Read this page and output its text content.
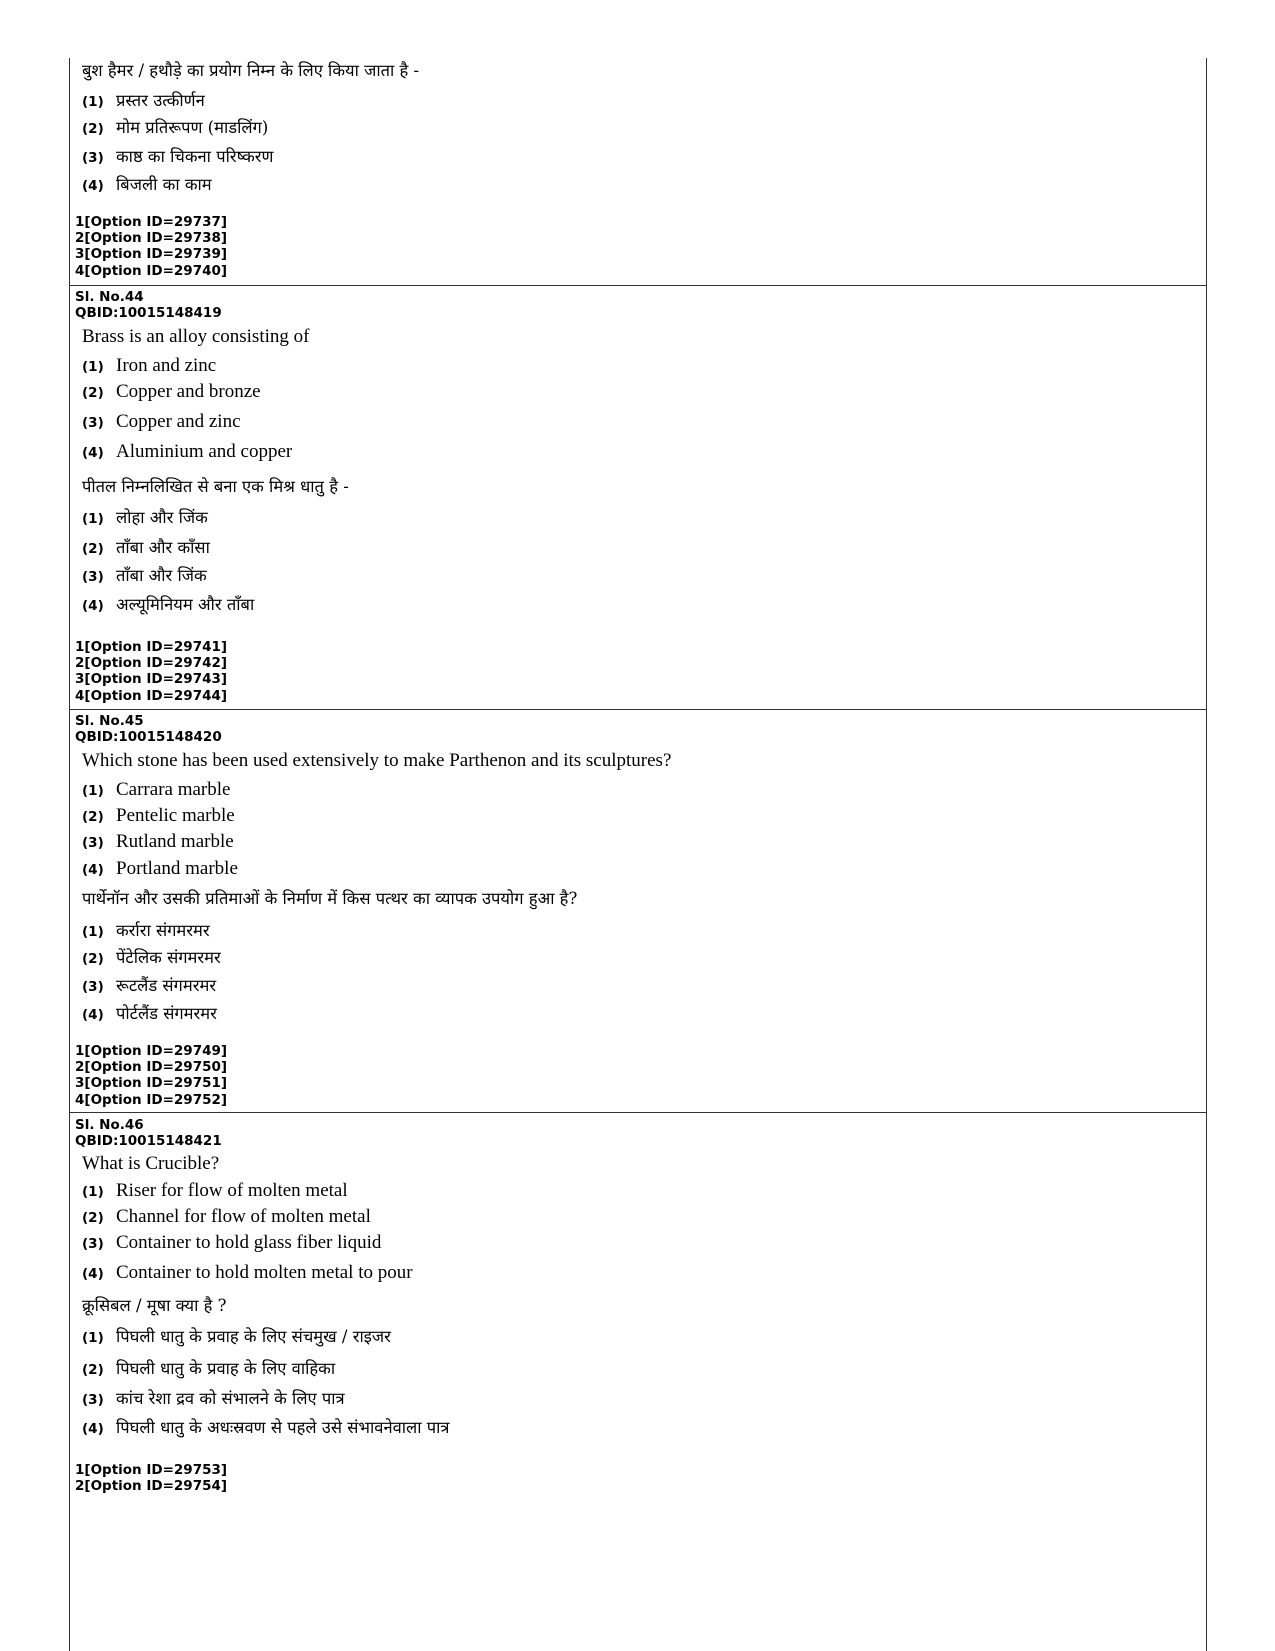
बुश हैमर / हथौड़े का प्रयोग निम्न के लिए किया जाता है -
(1) प्रस्तर उत्कीर्णन
(2) मोम प्रतिरूपण (माडलिंग)
(3) काष्ठ का चिकना परिष्करण
(4) बिजली का काम
1[Option ID=29737]
2[Option ID=29738]
3[Option ID=29739]
4[Option ID=29740]
Sl. No.44
QBID:10015148419
Brass is an alloy consisting of
(1) Iron and zinc
(2) Copper and bronze
(3) Copper and zinc
(4) Aluminium and copper
पीतल निम्नलिखित से बना एक मिश्र धातु है -
(1) लोहा और जिंक
(2) ताँबा और काँसा
(3) ताँबा और जिंक
(4) अल्यूमिनियम और ताँबा
1[Option ID=29741]
2[Option ID=29742]
3[Option ID=29743]
4[Option ID=29744]
Sl. No.45
QBID:10015148420
Which stone has been used extensively to make Parthenon and its sculptures?
(1) Carrara marble
(2) Pentelic marble
(3) Rutland marble
(4) Portland marble
पार्थेनॉन और उसकी प्रतिमाओं के निर्माण में किस पत्थर का व्यापक उपयोग हुआ है?
(1) कर्रारा संगमरमर
(2) पेंटेलिक संगमरमर
(3) रूटलैंड संगमरमर
(4) पोर्टलैंड संगमरमर
1[Option ID=29749]
2[Option ID=29750]
3[Option ID=29751]
4[Option ID=29752]
Sl. No.46
QBID:10015148421
What is Crucible?
(1) Riser for flow of molten metal
(2) Channel for flow of molten metal
(3) Container to hold glass fiber liquid
(4) Container to hold molten metal to pour
क्रूसिबल / मूषा क्या है ?
(1) पिघली धातु के प्रवाह के लिए संचमुख / राइजर
(2) पिघली धातु के प्रवाह के लिए वाहिका
(3) कांच रेशा द्रव को संभालने के लिए पात्र
(4) पिघली धातु के अधःस्रवण से पहले उसे संभावनेवाला पात्र
1[Option ID=29753]
2[Option ID=29754]
